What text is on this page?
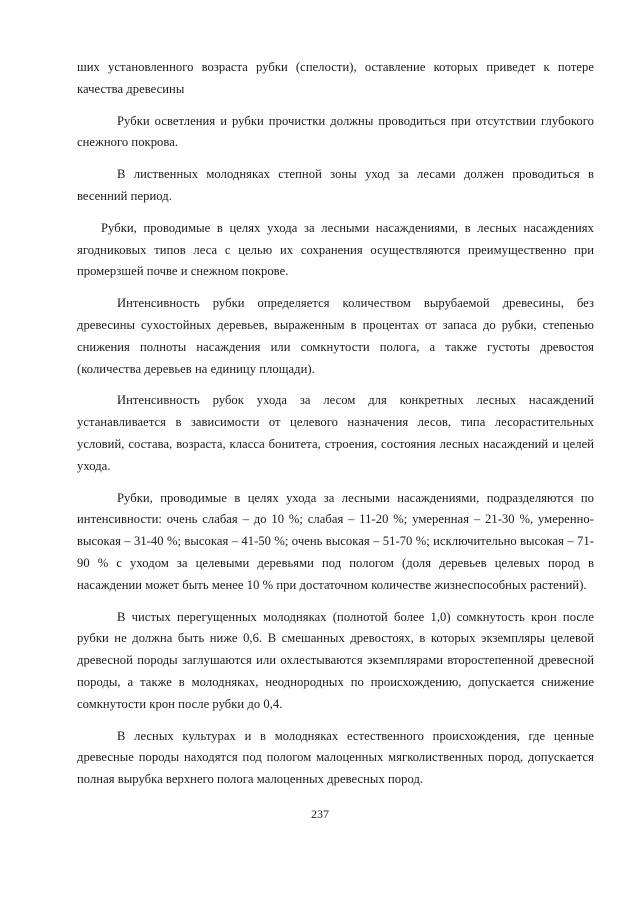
ших установленного возраста рубки (спелости), оставление которых приведет к потере качества древесины

Рубки осветления и рубки прочистки должны проводиться при отсутствии глубокого снежного покрова.

В лиственных молодняках степной зоны уход за лесами должен проводиться в весенний период.

Рубки, проводимые в целях ухода за лесными насаждениями, в лесных насаждениях ягодниковых типов леса с целью их сохранения осуществляются преимущественно при промерзшей почве и снежном покрове.

Интенсивность рубки определяется количеством вырубаемой древесины, без древесины сухостойных деревьев, выраженным в процентах от запаса до рубки, степенью снижения полноты насаждения или сомкнутости полога, а также густоты древостоя (количества деревьев на единицу площади).

Интенсивность рубок ухода за лесом для конкретных лесных насаждений устанавливается в зависимости от целевого назначения лесов, типа лесорастительных условий, состава, возраста, класса бонитета, строения, состояния лесных насаждений и целей ухода.

Рубки, проводимые в целях ухода за лесными насаждениями, подразделяются по интенсивности: очень слабая – до 10 %; слабая – 11-20 %; умеренная – 21-30 %, умеренно-высокая – 31-40 %; высокая – 41-50 %; очень высокая – 51-70 %; исключительно высокая – 71-90 % с уходом за целевыми деревьями под пологом (доля деревьев целевых пород в насаждении может быть менее 10 % при достаточном количестве жизнеспособных растений).

В чистых перегущенных молодняках (полнотой более 1,0) сомкнутость крон после рубки не должна быть ниже 0,6. В смешанных древостоях, в которых экземпляры целевой древесной породы заглушаются или охлестываются экземплярами второстепенной древесной породы, а также в молодняках, неоднородных по происхождению, допускается снижение сомкнутости крон после рубки до 0,4.

В лесных культурах и в молодняках естественного происхождения, где ценные древесные породы находятся под пологом малоценных мягколиственных пород, допускается полная вырубка верхнего полога малоценных древесных пород.

237
